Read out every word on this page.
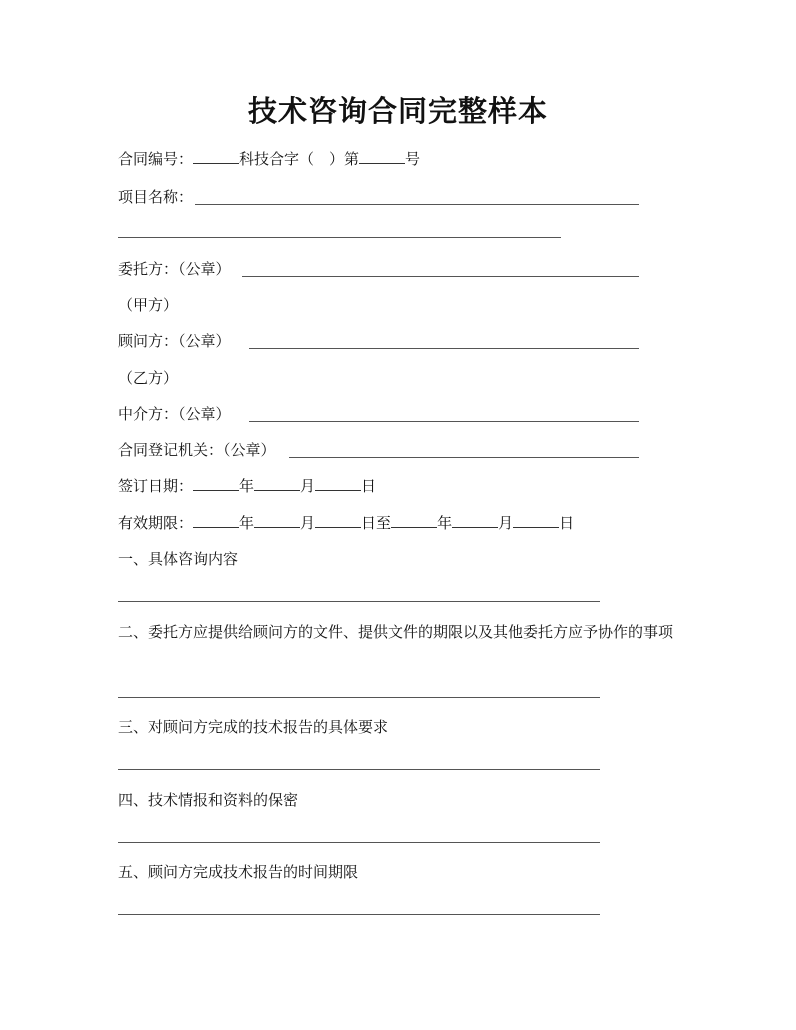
技术咨询合同完整样本
合同编号：	科技合字（　）第	号
项目名称：
委托方：（公章）
（甲方）
顾问方：（公章）
（乙方）
中介方：（公章）
合同登记机关：（公章）
签订日期：	年	月	日
有效期限：	年	月	日至	年	月	日
一、具体咨询内容
二、委托方应提供给顾问方的文件、提供文件的期限以及其他委托方应予协作的事项
三、对顾问方完成的技术报告的具体要求
四、技术情报和资料的保密
五、顾问方完成技术报告的时间期限
